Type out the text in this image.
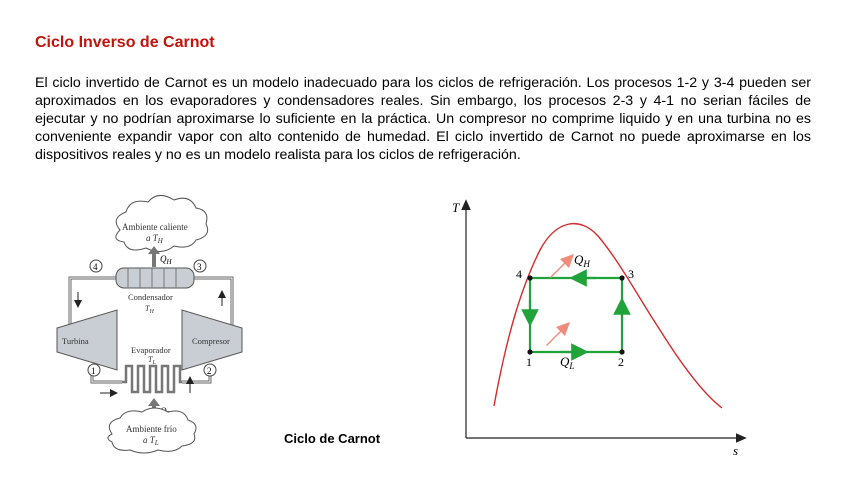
Ciclo Inverso de Carnot
El ciclo invertido de Carnot es un modelo inadecuado para los ciclos de refrigeración. Los procesos 1-2 y 3-4 pueden ser aproximados en los evaporadores y condensadores reales. Sin embargo, los procesos 2-3 y 4-1 no serian fáciles de ejecutar y no podrían aproximarse lo suficiente en la práctica. Un compresor no comprime liquido y en una turbina no es conveniente expandir vapor con alto contenido de humedad. El ciclo invertido de Carnot no puede aproximarse en los dispositivos reales y no es un modelo realista para los ciclos de refrigeración.
Ambiente caliente
a $T_H$
$Q_H$
Condensador
$T_H$
4	3
Turbina	Compresor
Evaporador
$T_L$
1	2
Ambiente frío
a $T_L$	Ciclo de Carnot
T
s
1	2
3
4
$Q_H$
$Q_L$
